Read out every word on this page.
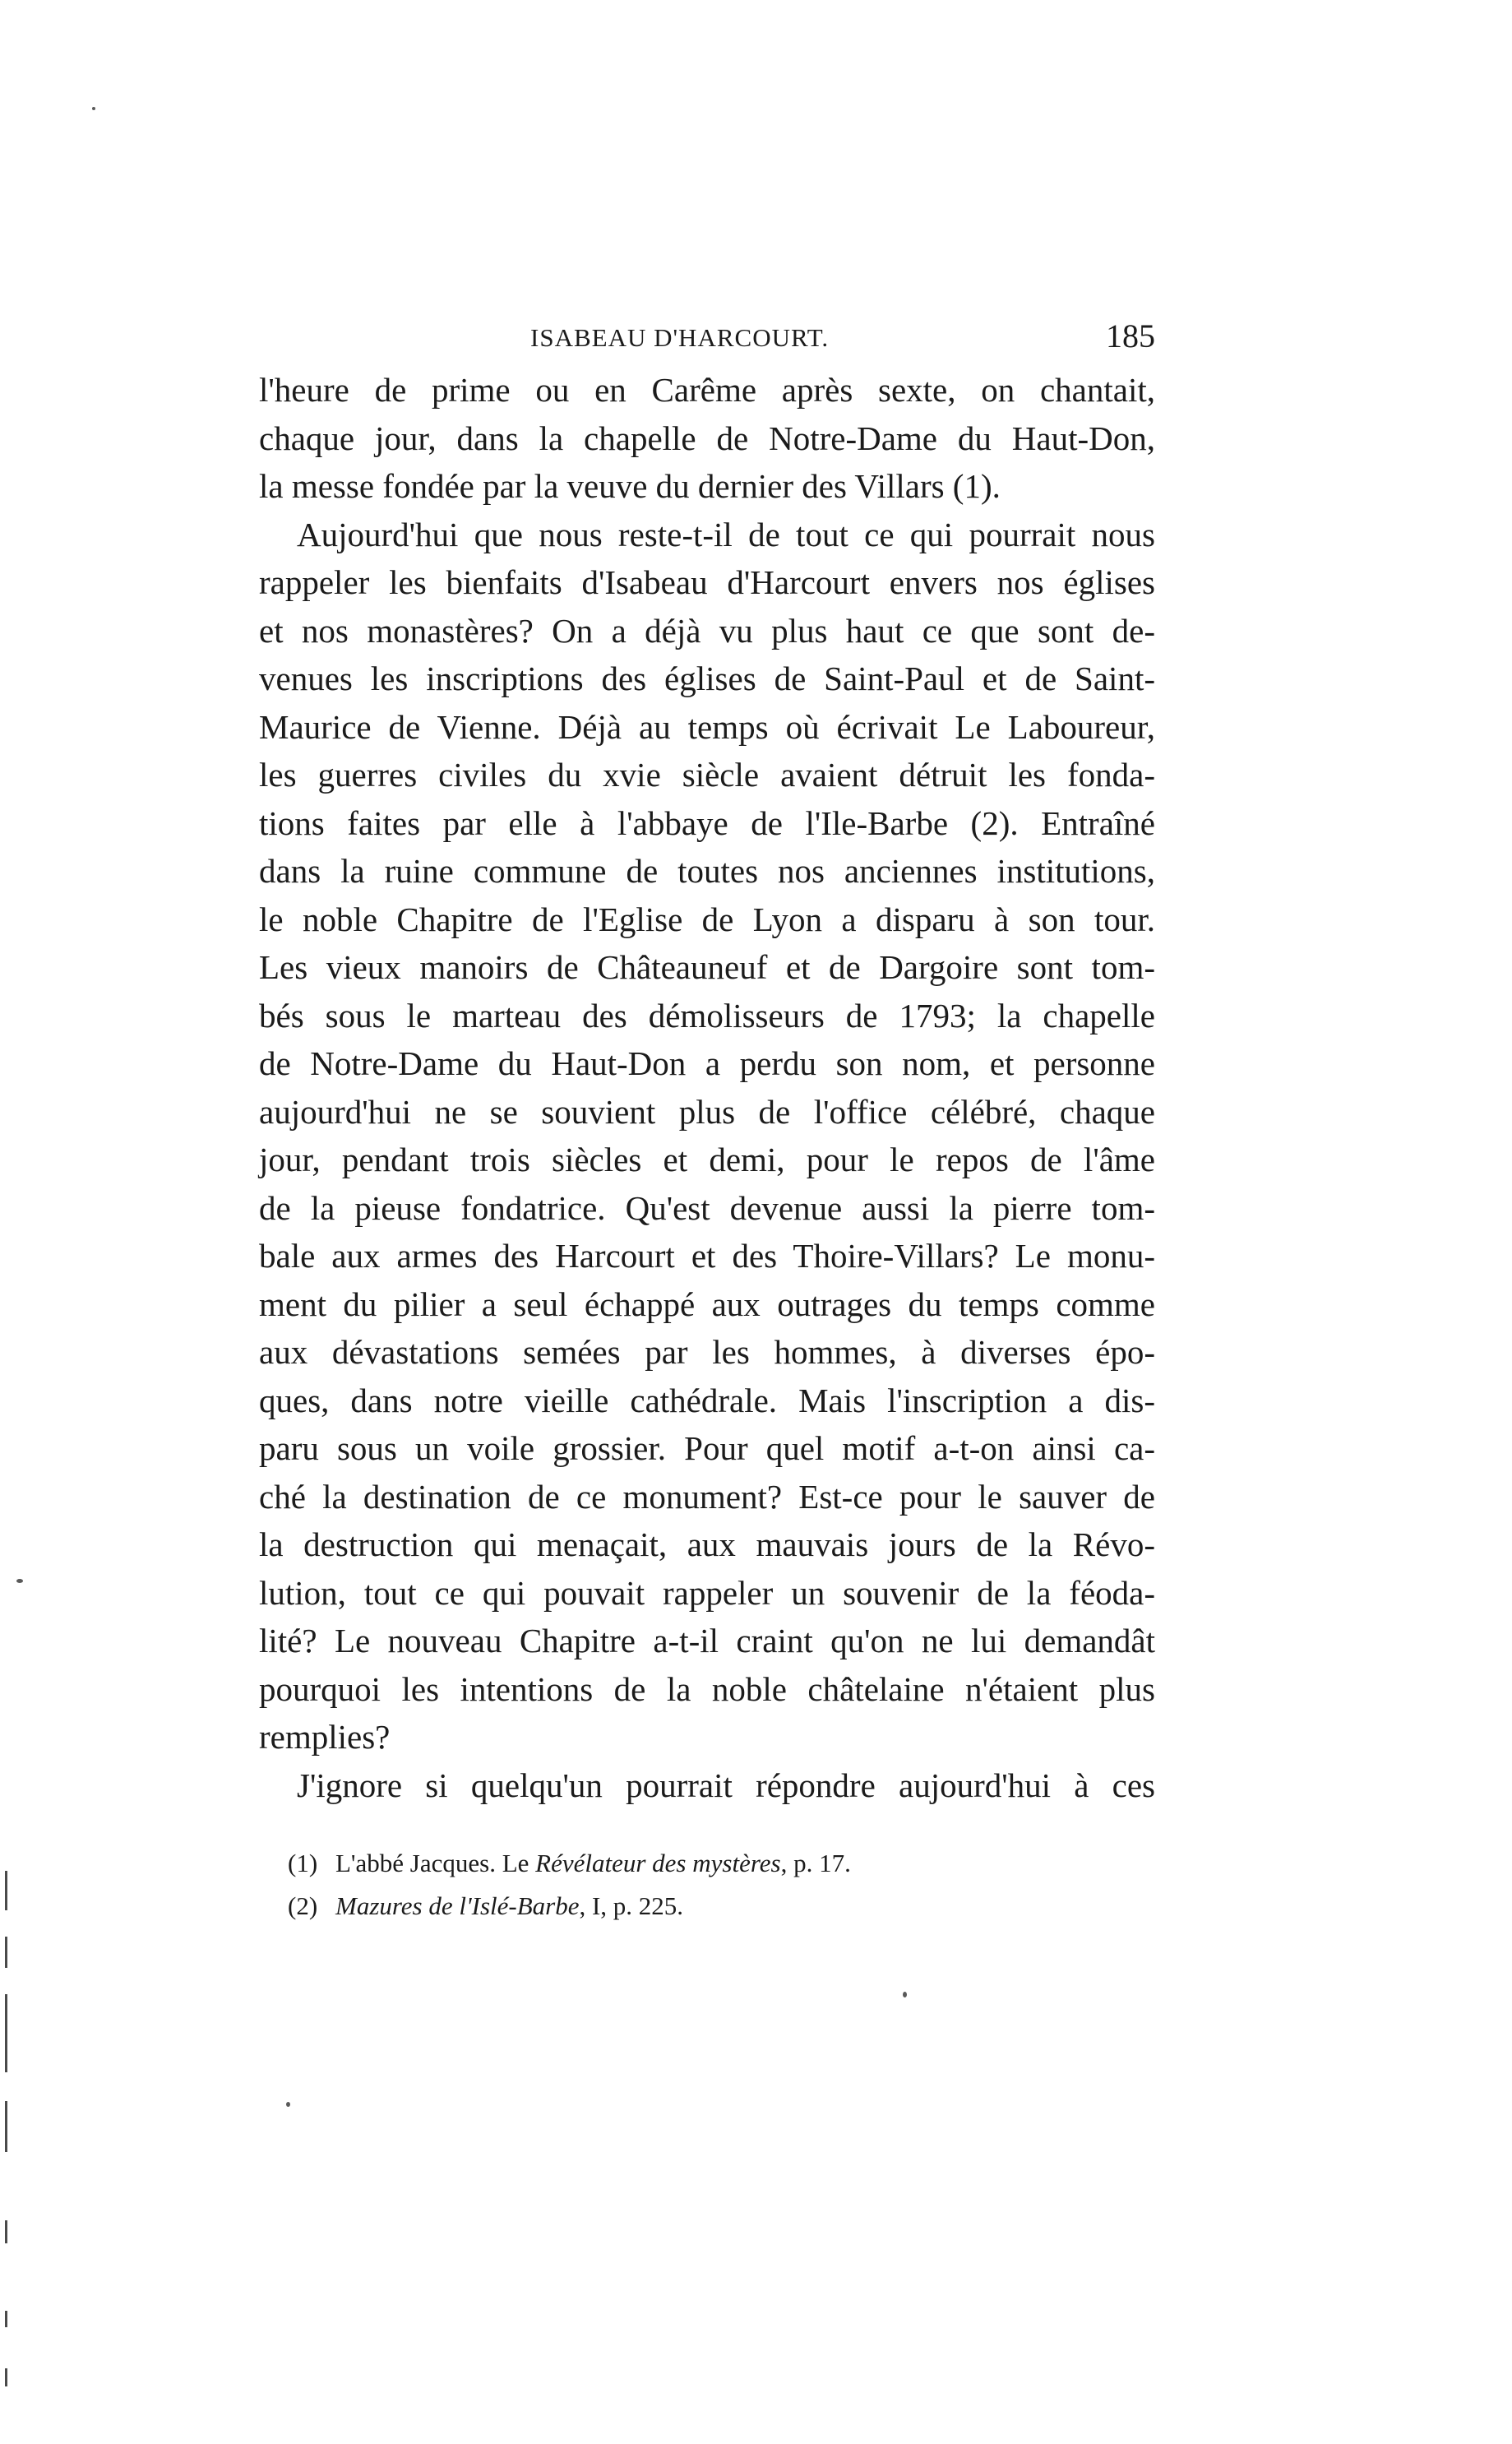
ISABEAU D'HARCOURT.	185
l'heure de prime ou en Carême après sexte, on chantait,
chaque jour, dans la chapelle de Notre-Dame du Haut-Don,
la messe fondée par la veuve du dernier des Villars (1).
Aujourd'hui que nous reste-t-il de tout ce qui pourrait nous
rappeler les bienfaits d'Isabeau d'Harcourt envers nos églises
et nos monastères? On a déjà vu plus haut ce que sont de-
venues les inscriptions des églises de Saint-Paul et de Saint-
Maurice de Vienne. Déjà au temps où écrivait Le Laboureur,
les guerres civiles du xvie siècle avaient détruit les fonda-
tions faites par elle à l'abbaye de l'Ile-Barbe (2). Entraîné
dans la ruine commune de toutes nos anciennes institutions,
le noble Chapitre de l'Eglise de Lyon a disparu à son tour.
Les vieux manoirs de Châteauneuf et de Dargoire sont tom-
bés sous le marteau des démolisseurs de 1793; la chapelle
de Notre-Dame du Haut-Don a perdu son nom, et personne
aujourd'hui ne se souvient plus de l'office célébré, chaque
jour, pendant trois siècles et demi, pour le repos de l'âme
de la pieuse fondatrice. Qu'est devenue aussi la pierre tom-
bale aux armes des Harcourt et des Thoire-Villars? Le monu-
ment du pilier a seul échappé aux outrages du temps comme
aux dévastations semées par les hommes, à diverses épo-
ques, dans notre vieille cathédrale. Mais l'inscription a dis-
paru sous un voile grossier. Pour quel motif a-t-on ainsi ca-
ché la destination de ce monument? Est-ce pour le sauver de
la destruction qui menaçait, aux mauvais jours de la Révo-
lution, tout ce qui pouvait rappeler un souvenir de la féoda-
lité? Le nouveau Chapitre a-t-il craint qu'on ne lui demandât
pourquoi les intentions de la noble châtelaine n'étaient plus
remplies?
J'ignore si quelqu'un pourrait répondre aujourd'hui à ces
(1) L'abbé Jacques. Le Révélateur des mystères, p. 17.
(2) Mazures de l'Islé-Barbe, I, p. 225.
